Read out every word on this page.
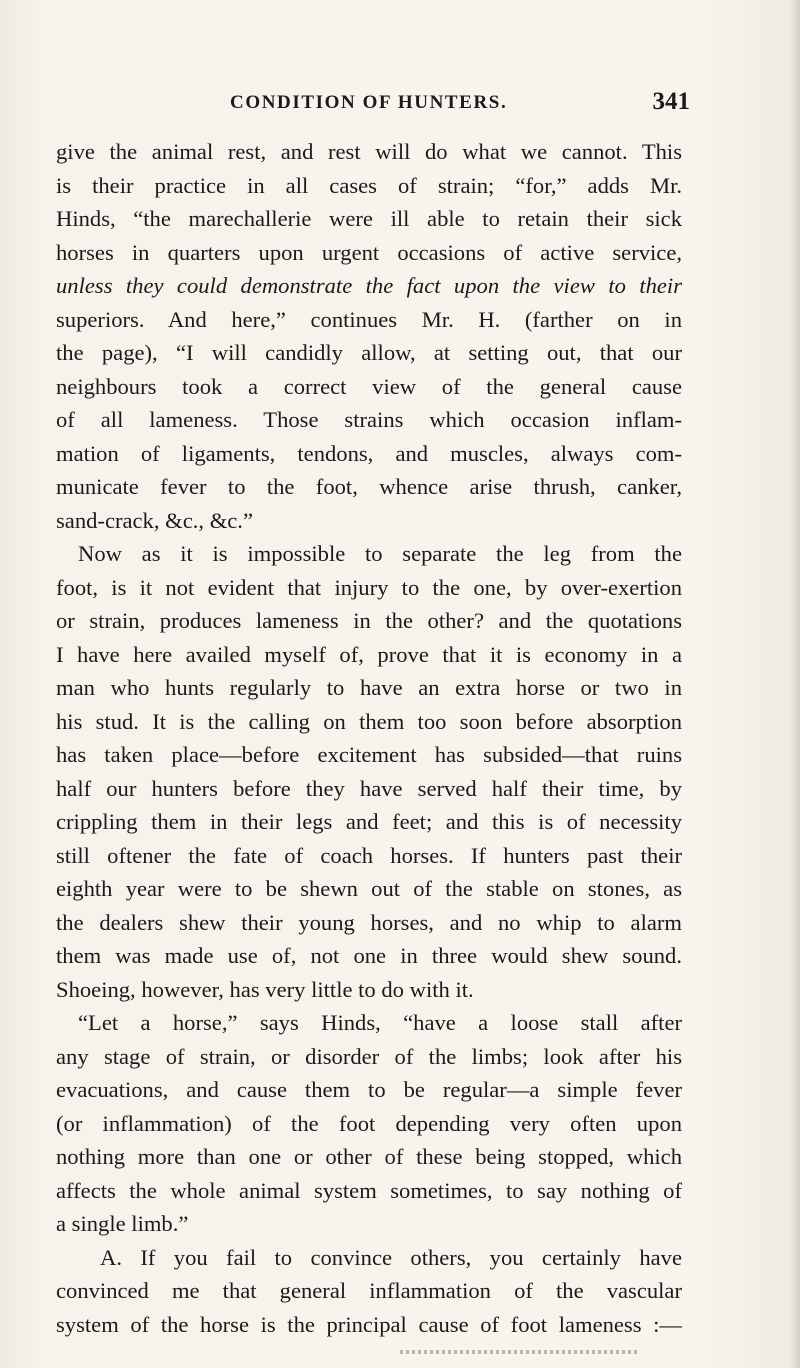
CONDITION OF HUNTERS.	341
give the animal rest, and rest will do what we cannot. This
is their practice in all cases of strain; “for,” adds Mr.
Hinds, “the marechallerie were ill able to retain their sick
horses in quarters upon urgent occasions of active service,
unless they could demonstrate the fact upon the view to their
superiors. And here,” continues Mr. H. (farther on in
the page), “I will candidly allow, at setting out, that our
neighbours took a correct view of the general cause
of all lameness. Those strains which occasion inflam-
mation of ligaments, tendons, and muscles, always com-
municate fever to the foot, whence arise thrush, canker,
sand-crack, &c., &c.”
Now as it is impossible to separate the leg from the
foot, is it not evident that injury to the one, by over-exertion
or strain, produces lameness in the other? and the quotations
I have here availed myself of, prove that it is economy in a
man who hunts regularly to have an extra horse or two in
his stud. It is the calling on them too soon before absorption
has taken place—before excitement has subsided—that ruins
half our hunters before they have served half their time, by
crippling them in their legs and feet; and this is of necessity
still oftener the fate of coach horses. If hunters past their
eighth year were to be shewn out of the stable on stones, as
the dealers shew their young horses, and no whip to alarm
them was made use of, not one in three would shew sound.
Shoeing, however, has very little to do with it.
“Let a horse,” says Hinds, “have a loose stall after
any stage of strain, or disorder of the limbs; look after his
evacuations, and cause them to be regular—a simple fever
(or inflammation) of the foot depending very often upon
nothing more than one or other of these being stopped, which
affects the whole animal system sometimes, to say nothing of
a single limb.”
A. If you fail to convince others, you certainly have
convinced me that general inflammation of the vascular
system of the horse is the principal cause of foot lameness :—
